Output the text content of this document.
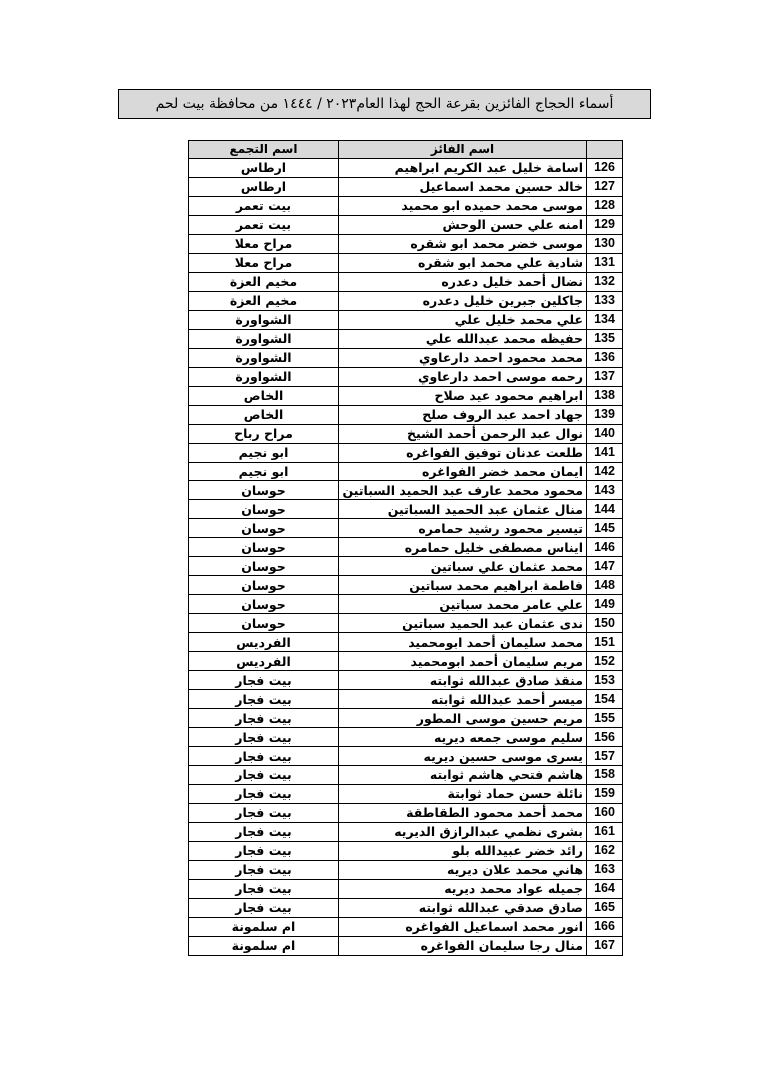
أسماء الحجاج الفائزين بقرعة الحج لهذا العام٢٠٢٣ / ١٤٤٤ من محافظة بيت لحم
	اسم الفائز	اسم التجمع
126	اسامة خليل عبد الكريم ابراهيم	ارطاس
127	خالد حسين محمد اسماعيل	ارطاس
128	موسى محمد حميده ابو محميد	بيت تعمر
129	امنه علي حسن الوحش	بيت تعمر
130	موسى خضر محمد ابو شقره	مراح معلا
131	شادية علي محمد ابو شقره	مراح معلا
132	نضال أحمد خليل دعدره	مخيم العزة
133	جاكلين جبرين خليل دعدره	مخيم العزة
134	علي محمد خليل علي	الشواورة
135	حفيظه محمد عبدالله علي	الشواورة
136	محمد محمود احمد دارعاوي	الشواورة
137	رحمه موسى احمد دارعاوي	الشواورة
138	ابراهيم محمود عيد صلاح	الخاص
139	جهاد احمد عبد الروف صلح	الخاص
140	نوال عبد الرحمن أحمد الشيخ	مراح رباح
141	طلعت عدنان توفيق الفواغره	ابو نجيم
142	ايمان محمد خضر الفواغره	ابو نجيم
143	محمود محمد عارف عبد الحميد السباتين	حوسان
144	منال عثمان عبد الحميد السباتين	حوسان
145	تيسير محمود رشيد حمامره	حوسان
146	ايناس مصطفى خليل حمامره	حوسان
147	محمد عثمان علي سباتين	حوسان
148	فاطمة ابراهيم محمد سباتين	حوسان
149	علي عامر محمد سباتين	حوسان
150	ندى عثمان عبد الحميد سباتين	حوسان
151	محمد سليمان أحمد ابومحميد	الفرديس
152	مريم سليمان أحمد ابومحميد	الفرديس
153	منقذ صادق عبدالله ثوابته	بيت فجار
154	ميسر أحمد عبدالله ثوابته	بيت فجار
155	مريم حسين موسى المطور	بيت فجار
156	سليم موسى جمعه ديريه	بيت فجار
157	يسرى موسى حسين ديريه	بيت فجار
158	هاشم فتحي هاشم ثوابته	بيت فجار
159	نائلة حسن حماد ثوابتة	بيت فجار
160	محمد أحمد محمود الطقاطقة	بيت فجار
161	بشرى نظمي عبدالرازق الديريه	بيت فجار
162	رائد خضر عبيدالله بلو	بيت فجار
163	هاني محمد علان ديريه	بيت فجار
164	جميله عواد محمد ديريه	بيت فجار
165	صادق صدقي عبدالله ثوابته	بيت فجار
166	انور محمد اسماعيل الفواغره	ام سلمونة
167	منال رجا سليمان الفواغره	ام سلمونة
